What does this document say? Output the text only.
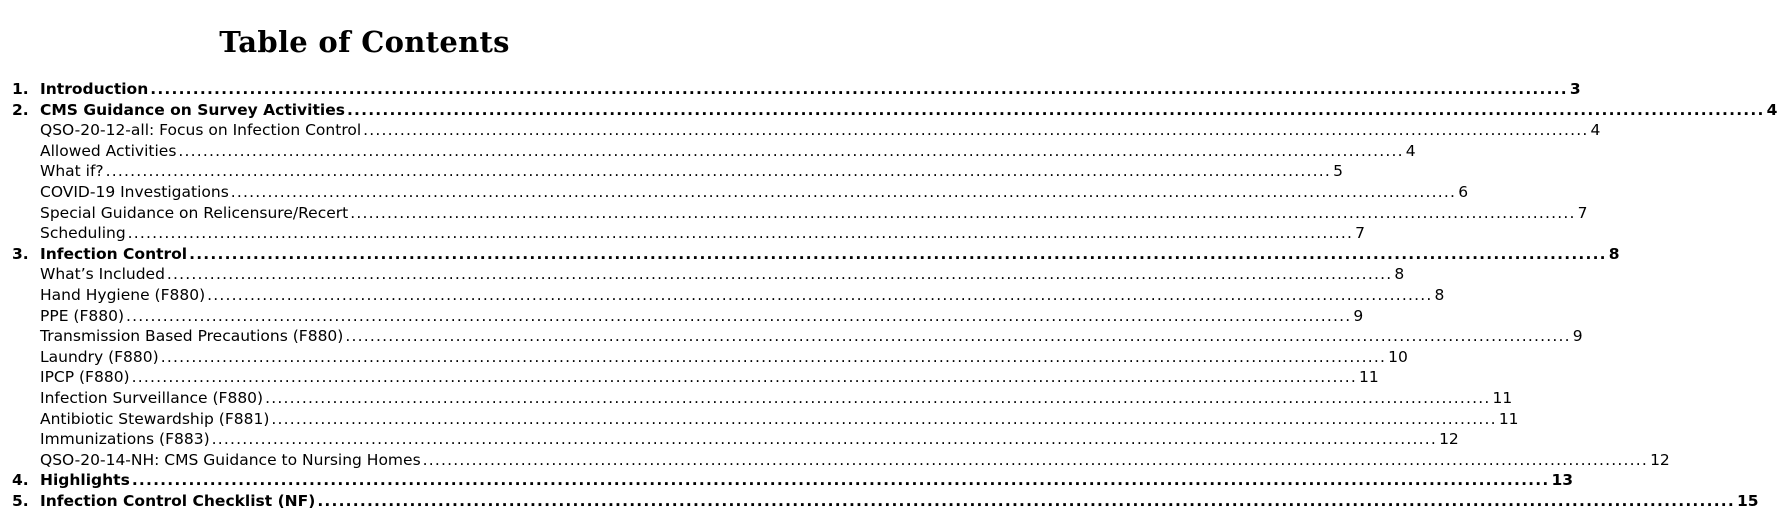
Table of Contents
1. Introduction ........................................................................................................................................................................................................ 3
2. CMS Guidance on Survey Activities ........................................................................................................................................................................................................ 4
QSO-20-12-all: Focus on Infection Control ........................................................................................................................................................................................................ 4
Allowed Activities ........................................................................................................................................................................................................ 4
What if? ........................................................................................................................................................................................................ 5
COVID-19 Investigations ........................................................................................................................................................................................................ 6
Special Guidance on Relicensure/Recert ........................................................................................................................................................................................................ 7
Scheduling ........................................................................................................................................................................................................ 7
3. Infection Control ........................................................................................................................................................................................................ 8
What’s Included ........................................................................................................................................................................................................ 8
Hand Hygiene (F880) ........................................................................................................................................................................................................ 8
PPE (F880) ........................................................................................................................................................................................................ 9
Transmission Based Precautions (F880) ........................................................................................................................................................................................................ 9
Laundry (F880) ........................................................................................................................................................................................................ 10
IPCP (F880) ........................................................................................................................................................................................................ 11
Infection Surveillance (F880) ........................................................................................................................................................................................................ 11
Antibiotic Stewardship (F881) ........................................................................................................................................................................................................ 11
Immunizations (F883) ........................................................................................................................................................................................................ 12
QSO-20-14-NH: CMS Guidance to Nursing Homes ........................................................................................................................................................................................................ 12
4. Highlights ........................................................................................................................................................................................................ 13
5. Infection Control Checklist (NF) ........................................................................................................................................................................................................ 15
